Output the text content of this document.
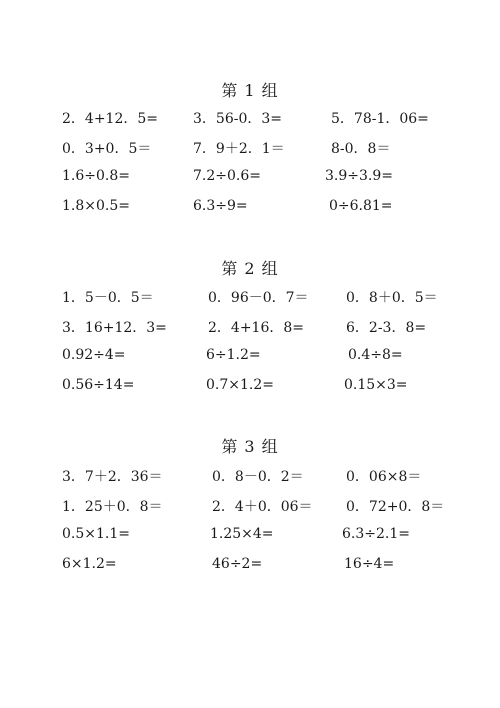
第 1 组
2．4+12．5=	3．56-0．3=	5．78-1．06=
0．3+0．5＝	7．9＋2．1＝	8-0．8＝
1.6÷0.8=	7.2÷0.6=	3.9÷3.9=
1.8×0.5=	6.3÷9=	0÷6.81=
第 2 组
1．5－0．5＝	0．96－0．7＝	0．8＋0．5＝
3．16+12．3=	2．4+16．8=	6．2-3．8=
0.92÷4=	6÷1.2=	0.4÷8=
0.56÷14=	0.7×1.2=	0.15×3=
第 3 组
3．7＋2．36＝	0．8－0．2＝	0．06×8＝
1．25＋0．8＝	2．4＋0．06＝ 0．72+0．8＝
0.5×1.1=	1.25×4=	6.3÷2.1=
6×1.2=	46÷2=	16÷4=
